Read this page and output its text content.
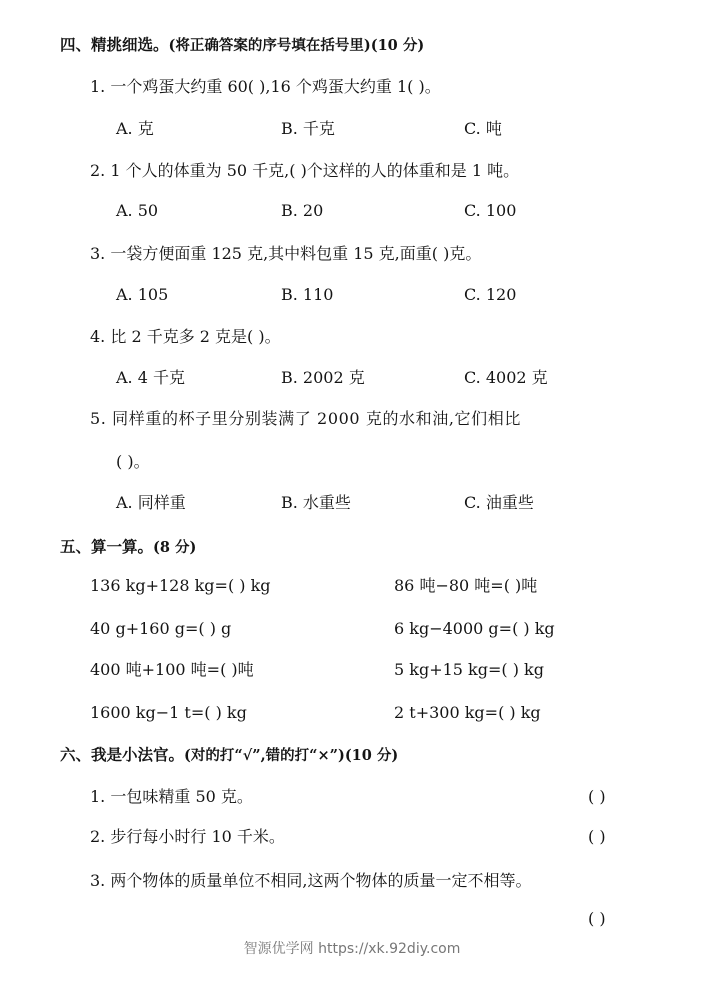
四、精挑细选。(将正确答案的序号填在括号里)(10 分)
1. 一个鸡蛋大约重 60( ),16 个鸡蛋大约重 1( )。
A. 克	B. 千克	C. 吨
2. 1 个人的体重为 50 千克,( )个这样的人的体重和是 1 吨。
A. 50	B. 20	C. 100
3. 一袋方便面重 125 克,其中料包重 15 克,面重( )克。
A. 105	B. 110	C. 120
4. 比 2 千克多 2 克是( )。
A. 4 千克	B. 2002 克	C. 4002 克
5. 同样重的杯子里分别装满了 2000 克的水和油,它们相比
( )。
A. 同样重	B. 水重些	C. 油重些
五、算一算。(8 分)
136 kg+128 kg=( ) kg	86 吨−80 吨=( )吨
40 g+160 g=( ) g	6 kg−4000 g=( ) kg
400 吨+100 吨=( )吨	5 kg+15 kg=( ) kg
1600 kg−1 t=( ) kg	2 t+300 kg=( ) kg
六、我是小法官。(对的打“√”,错的打“×”)(10 分)
1. 一包味精重 50 克。	( )
2. 步行每小时行 10 千米。	( )
3. 两个物体的质量单位不相同,这两个物体的质量一定不相等。
( )
智源优学网 https://xk.92diy.com
